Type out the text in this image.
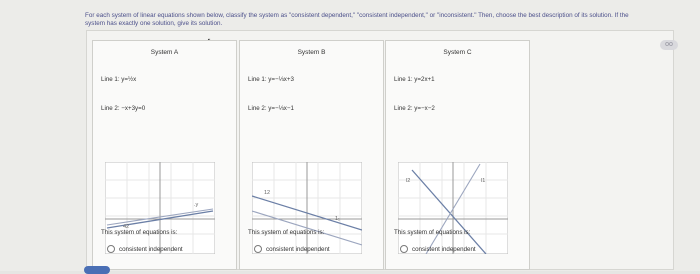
For each system of linear equations shown below, classify the system as "consistent dependent," "consistent independent," or "inconsistent." Then, choose the best description of its solution. If the system has exactly one solution, give its solution.
oo
System A
Line 1: y=½x
Line 2: −x+3y=0
.y
42
This system of equations is:
consistent independent
System B
Line 1: y=−⅓x+3
Line 2: y=−⅓x−1
12
1₁
This system of equations is:
consistent independent
System C
Line 1: y=2x+1
Line 2: y=−x−2
l2	l1
This system of equations is:
consistent independent
